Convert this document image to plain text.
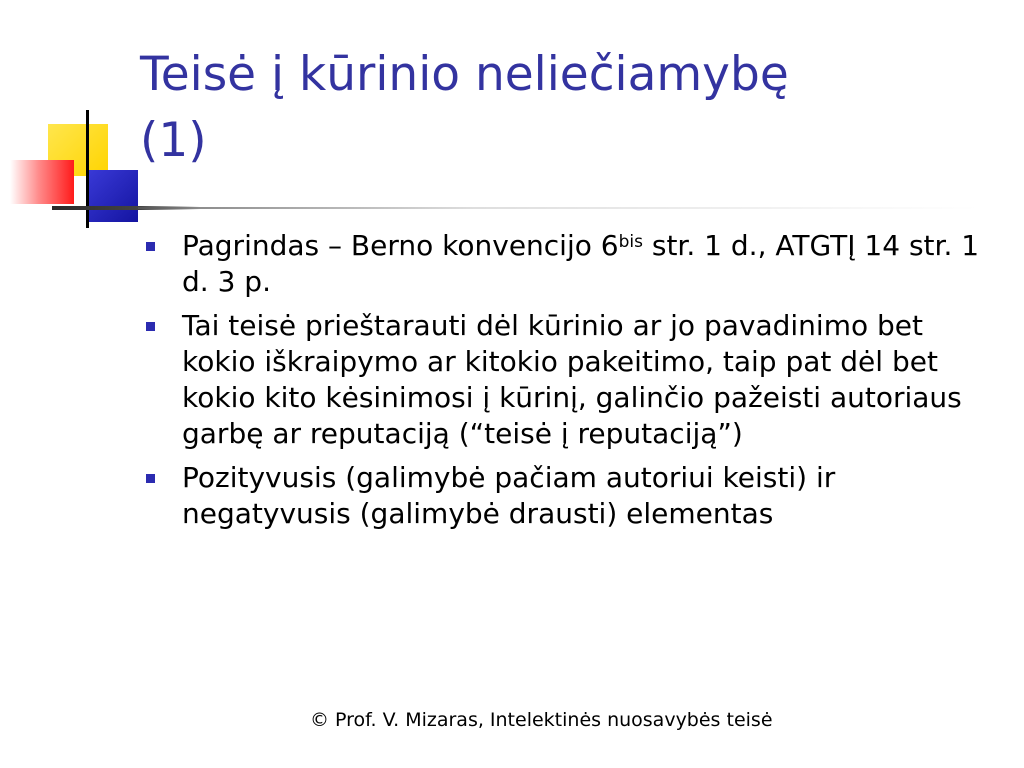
Teisė į kūrinio neliečiamybę
(1)
Pagrindas – Berno konvencijo $6^{bis}$ str. 1 d., ATGTĮ 14 str. 1 d. 3 p.
Tai teisė prieštarauti dėl kūrinio ar jo pavadinimo bet kokio iškraipymo ar kitokio pakeitimo, taip pat dėl bet kokio kito kėsinimosi į kūrinį, galinčio pažeisti autoriaus garbę ar reputaciją (“teisė į reputaciją”)
Pozityvusis (galimybė pačiam autoriui keisti) ir negatyvusis (galimybė drausti) elementas
© Prof. V. Mizaras, Intelektinės nuosavybės teisė
